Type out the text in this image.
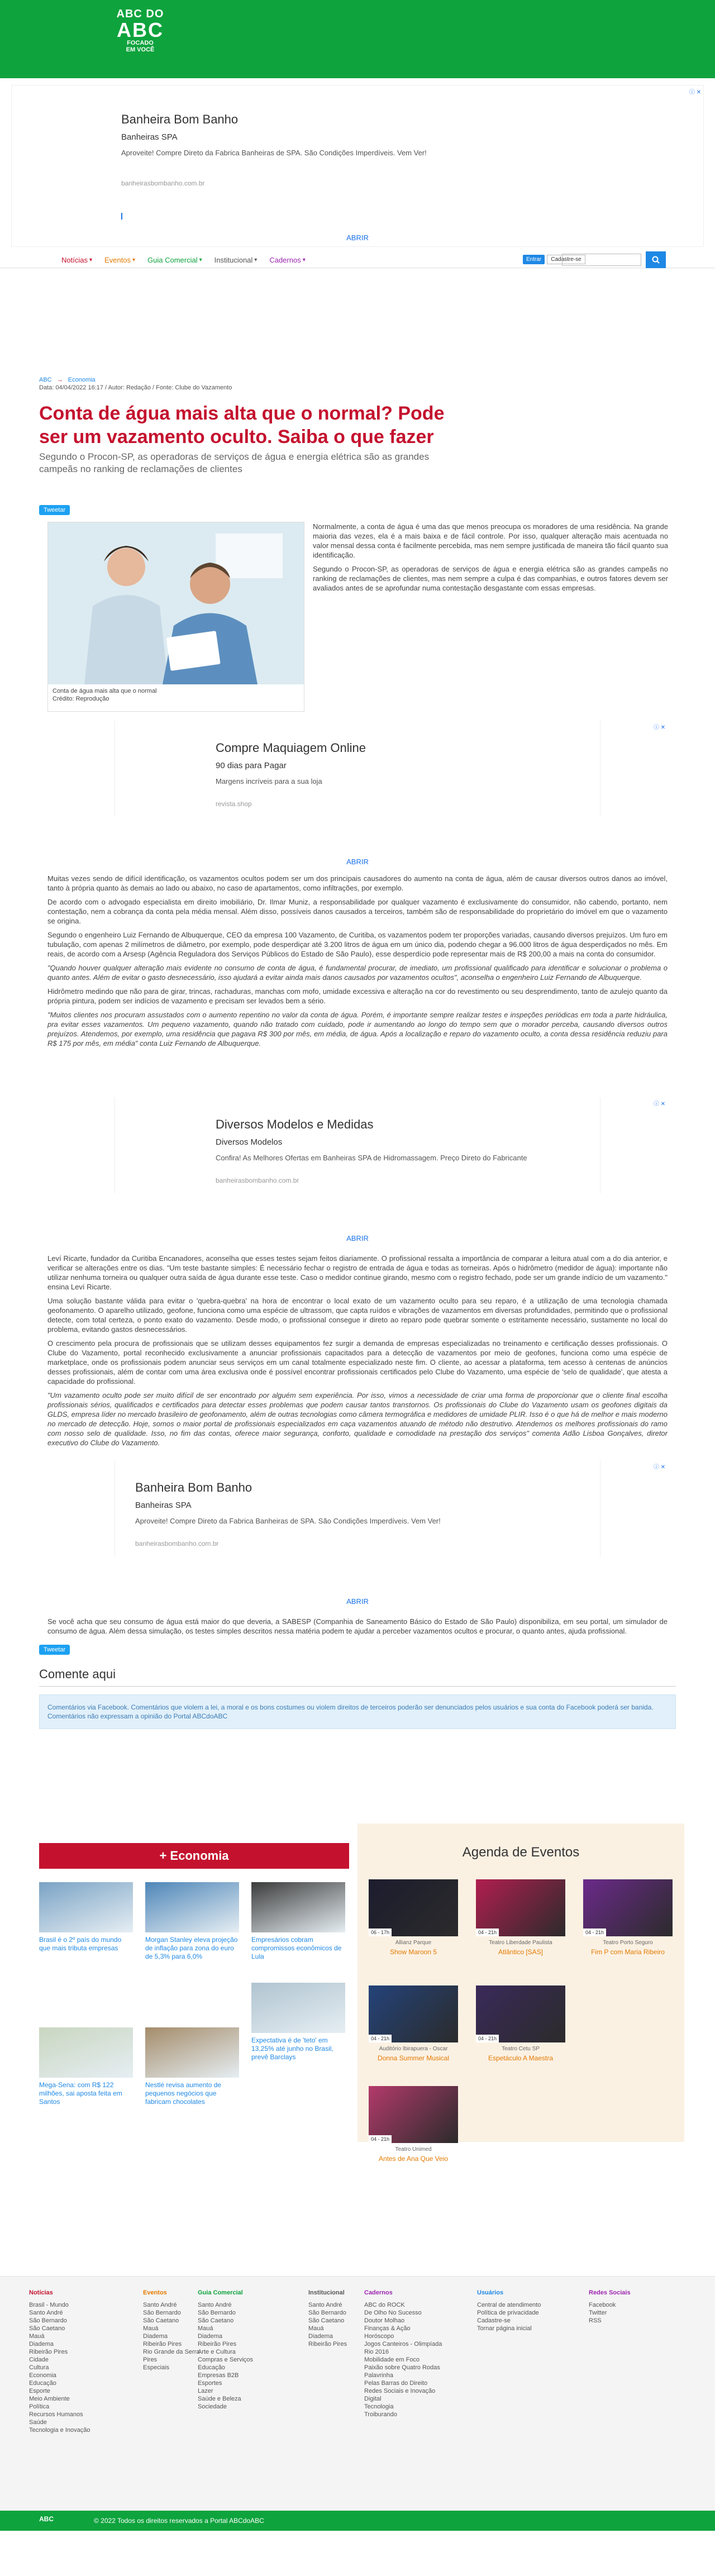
ABC DO
ABC
FOCADO
EM VOCÊ
ⓘ ✕
Banheira Bom Banho
Banheiras SPA
Aproveite! Compre Direto da Fabrica Banheiras de SPA. São Condições Imperdíveis. Vem Ver!
banheirasbombanho.com.br
ABRIR
Notícias ▾ Eventos ▾ Guia Comercial ▾ Institucional ▾ Cadernos ▾	Entrar	Cadastre-se
ABC → Economia
Data: 04/04/2022 16:17 / Autor: Redação / Fonte: Clube do Vazamento
Conta de água mais alta que o normal? Pode ser um vazamento oculto. Saiba o que fazer
Segundo o Procon-SP, as operadoras de serviços de água e energia elétrica são as grandes campeãs no ranking de reclamações de clientes
Tweetar
Conta de água mais alta que o normal
Crédito: Reprodução

Normalmente, a conta de água é uma das que menos preocupa os moradores de uma residência. Na grande maioria das vezes, ela é a mais baixa e de fácil controle. Por isso, qualquer alteração mais acentuada no valor mensal dessa conta é facilmente percebida, mas nem sempre justificada de maneira tão fácil quanto sua identificação.

Segundo o Procon-SP, as operadoras de serviços de água e energia elétrica são as grandes campeãs no ranking de reclamações de clientes, mas nem sempre a culpa é das companhias, e outros fatores devem ser avaliados antes de se aprofundar numa contestação desgastante com essas empresas.

ⓘ ✕
Compre Maquiagem Online
90 dias para Pagar
Margens incríveis para a sua loja
revista.shop
ABRIR

Muitas vezes sendo de difícil identificação, os vazamentos ocultos podem ser um dos principais causadores do aumento na conta de água, além de causar diversos outros danos ao imóvel, tanto à própria quanto às demais ao lado ou abaixo, no caso de apartamentos, como infiltrações, por exemplo.

De acordo com o advogado especialista em direito imobiliário, Dr. Ilmar Muniz, a responsabilidade por qualquer vazamento é exclusivamente do consumidor, não cabendo, portanto, nem contestação, nem a cobrança da conta pela média mensal. Além disso, possíveis danos causados a terceiros, também são de responsabilidade do proprietário do imóvel em que o vazamento se origina.

Segundo o engenheiro Luiz Fernando de Albuquerque, CEO da empresa 100 Vazamento, de Curitiba, os vazamentos podem ter proporções variadas, causando diversos prejuízos. Um furo em tubulação, com apenas 2 milímetros de diâmetro, por exemplo, pode desperdiçar até 3.200 litros de água em um único dia, podendo chegar a 96.000 litros de água desperdiçados no mês. Em reais, de acordo com a Arsesp (Agência Reguladora dos Serviços Públicos do Estado de São Paulo), esse desperdício pode representar mais de R$ 200,00 a mais na conta do consumidor.

"Quando houver qualquer alteração mais evidente no consumo de conta de água, é fundamental procurar, de imediato, um profissional qualificado para identificar e solucionar o problema o quanto antes. Além de evitar o gasto desnecessário, isso ajudará a evitar ainda mais danos causados por vazamentos ocultos", aconselha o engenheiro Luiz Fernando de Albuquerque.

Hidrômetro medindo que não para de girar, trincas, rachaduras, manchas com mofo, umidade excessiva e alteração na cor do revestimento ou seu desprendimento, tanto de azulejo quanto da própria pintura, podem ser indícios de vazamento e precisam ser levados bem a sério.

"Muitos clientes nos procuram assustados com o aumento repentino no valor da conta de água. Porém, é importante sempre realizar testes e inspeções periódicas em toda a parte hidráulica, pra evitar esses vazamentos. Um pequeno vazamento, quando não tratado com cuidado, pode ir aumentando ao longo do tempo sem que o morador perceba, causando diversos outros prejuízos. Atendemos, por exemplo, uma residência que pagava R$ 300 por mês, em média, de água. Após a localização e reparo do vazamento oculto, a conta dessa residência reduziu para R$ 175 por mês, em média" conta Luiz Fernando de Albuquerque.

ⓘ ✕
Diversos Modelos e Medidas
Diversos Modelos
Confira! As Melhores Ofertas em Banheiras SPA de Hidromassagem. Preço Direto do Fabricante
banheirasbombanho.com.br
ABRIR

Leví Ricarte, fundador da Curitiba Encanadores, aconselha que esses testes sejam feitos diariamente. O profissional ressalta a importância de comparar a leitura atual com a do dia anterior, e verificar se alterações entre os dias. "Um teste bastante simples: É necessário fechar o registro de entrada de água e todas as torneiras. Após o hidrômetro (medidor de água): importante não utilizar nenhuma torneira ou qualquer outra saída de água durante esse teste. Caso o medidor continue girando, mesmo com o registro fechado, pode ser um grande indício de um vazamento." ensina Leví Ricarte.

Uma solução bastante válida para evitar o 'quebra-quebra' na hora de encontrar o local exato de um vazamento oculto para seu reparo, é a utilização de uma tecnologia chamada geofonamento. O aparelho utilizado, geofone, funciona como uma espécie de ultrassom, que capta ruídos e vibrações de vazamentos em diversas profundidades, permitindo que o profissional detecte, com total certeza, o ponto exato do vazamento. Desde modo, o profissional consegue ir direto ao reparo pode quebrar somente o estritamente necessário, sustamente no local do problema, evitando gastos desnecessários.

O crescimento pela procura de profissionais que se utilizam desses equipamentos fez surgir a demanda de empresas especializadas no treinamento e certificação desses profissionais. O Clube do Vazamento, portal reconhecido exclusivamente a anunciar profissionais capacitados para a detecção de vazamentos por meio de geofones, funciona como uma espécie de marketplace, onde os profissionais podem anunciar seus serviços em um canal totalmente especializado neste fim. O cliente, ao acessar a plataforma, tem acesso à centenas de anúncios desses profissionais, além de contar com uma área exclusiva onde é possível encontrar profissionais certificados pelo Clube do Vazamento, uma espécie de 'selo de qualidade', que atesta a capacidade do profissional.

"Um vazamento oculto pode ser muito difícil de ser encontrado por alguém sem experiência. Por isso, vimos a necessidade de criar uma forma de proporcionar que o cliente final escolha profissionais sérios, qualificados e certificados para detectar esses problemas que podem causar tantos transtornos. Os profissionais do Clube do Vazamento usam os geofones digitais da GLDS, empresa líder no mercado brasileiro de geofonamento, além de outras tecnologias como câmera termográfica e medidores de umidade PLIR. Isso é o que há de melhor e mais moderno no mercado de detecção. Hoje, somos o maior portal de profissionais especializados em caça vazamentos atuando de método não destrutivo. Atendemos os melhores profissionais do ramo com nosso selo de qualidade. Isso, no fim das contas, oferece maior segurança, conforto, qualidade e comodidade na prestação dos serviços" comenta Adão Lisboa Gonçalves, diretor executivo do Clube do Vazamento.

ⓘ ✕
Banheira Bom Banho
Banheiras SPA
Aproveite! Compre Direto da Fabrica Banheiras de SPA. São Condições Imperdíveis. Vem Ver!
banheirasbombanho.com.br
ABRIR

Se você acha que seu consumo de água está maior do que deveria, a SABESP (Companhia de Saneamento Básico do Estado de São Paulo) disponibiliza, em seu portal, um simulador de consumo de água. Além dessa simulação, os testes simples descritos nessa matéria podem te ajudar a perceber vazamentos ocultos e procurar, o quanto antes, ajuda profissional.

Tweetar
Comente aqui
Comentários via Facebook. Comentários que violem a lei, a moral e os bons costumes ou violem direitos de terceiros poderão ser denunciados pelos usuários e sua conta do Facebook poderá ser banida. Comentários não expressam a opinião do Portal ABCdoABC
+ Economia
Brasil é o 2º país do mundo que mais tributa empresas
Morgan Stanley eleva projeção de inflação para zona do euro de 5,3% para 6,0%
Empresários cobram compromissos econômicos de Lula
Expectativa é de 'teto' em 13,25% até junho no Brasil, prevê Barclays
Mega-Sena: com R$ 122 milhões, sai aposta feita em Santos
Nestlé revisa aumento de pequenos negócios que fabricam chocolates
Agenda de Eventos
06 - 17h
Allianz Parque
Show Maroon 5
04 - 21h
Teatro Liberdade Paulista
Atlântico [SAS]
04 - 21h
Teatro Porto Seguro
Fim P com Maria Ribeiro
04 - 21h
Auditório Ibirapuera - Oscar
Donna Summer Musical
04 - 21h
Teatro Cetu SP
Espetáculo A Maestra
04 - 21h
Teatro Unimed
Antes de Ana Que Veio
Notícias
Brasil - Mundo
Santo André
São Bernardo
São Caetano
Mauá
Diadema
Ribeirão Pires
Cidade
Cultura
Economia
Educação
Esporte
Meio Ambiente
Política
Recursos Humanos
Saúde
Tecnologia e Inovação
Eventos
Santo André
São Bernardo
São Caetano
Mauá
Diadema
Ribeirão Pires
Rio Grande da Serra
Pires
Especiais
Guia Comercial
Santo André
São Bernardo
São Caetano
Mauá
Diadema
Ribeirão Pires
Arte e Cultura
Compras e Serviços
Educação
Empresas B2B
Esportes
Lazer
Saúde e Beleza
Sociedade
Institucional
Santo André
São Bernardo
São Caetano
Mauá
Diadema
Ribeirão Pires
Cadernos
ABC do ROCK
De Olho No Sucesso
Doutor Molhao
Finanças & Ação
Horóscopo
Jogos Canteiros - Olimpíada
Rio 2016
Mobilidade em Foco
Paixão sobre Quatro Rodas
Palavrinha
Pelas Barras do Direito
Redes Sociais e Inovação
Digital
Tecnologia
Troiburando
Usuários
Central de atendimento
Política de privacidade
Cadastre-se
Tornar página inicial
Redes Sociais
Facebook
Twitter
RSS
ABC	© 2022 Todos os direitos reservados a Portal ABCdoABC
